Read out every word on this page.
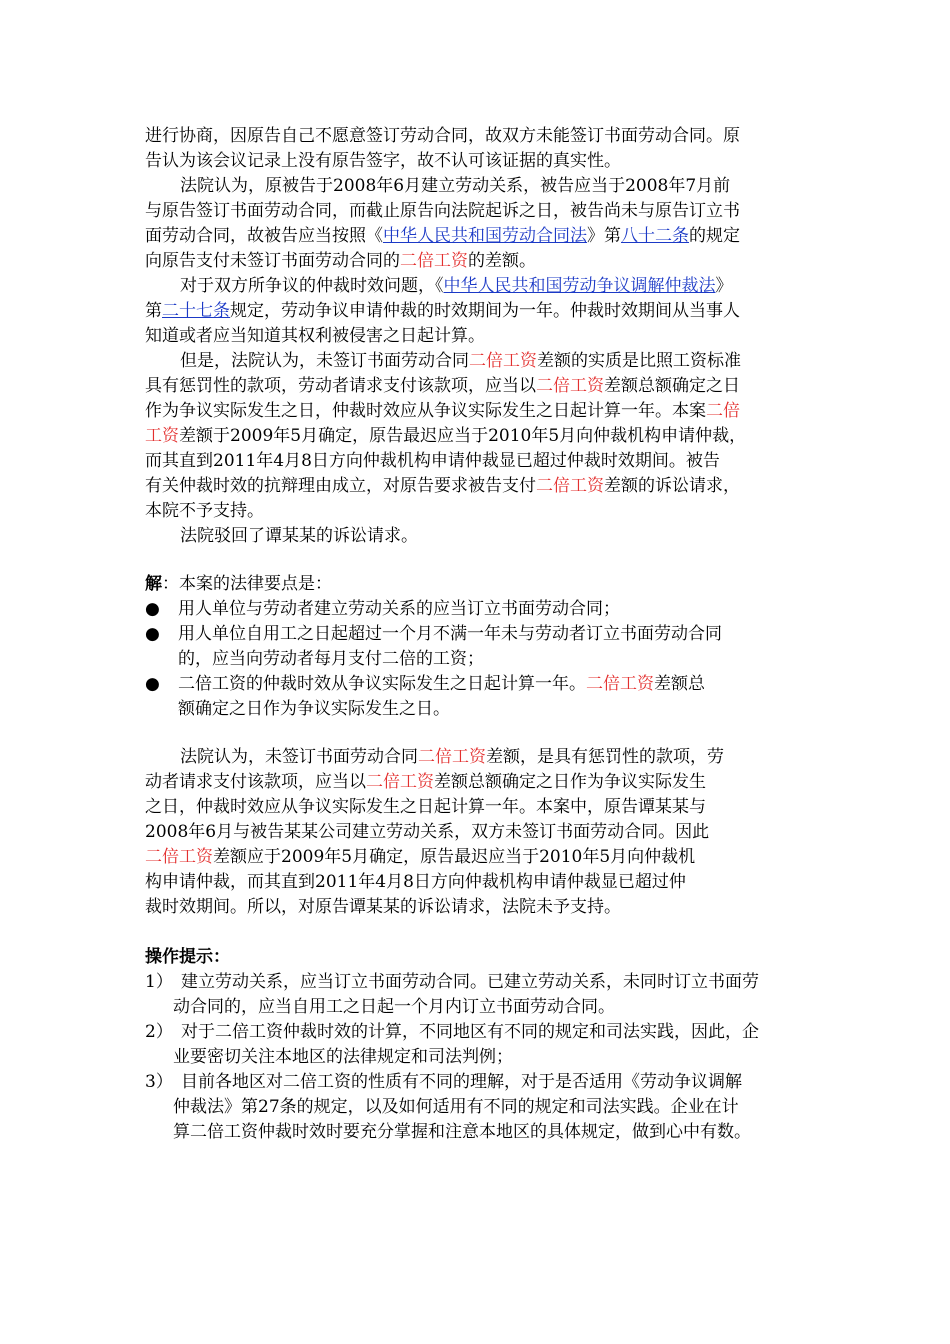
进行协商，因原告自己不愿意签订劳动合同，故双方未能签订书面劳动合同。原
告认为该会议记录上没有原告签字，故不认可该证据的真实性。
法院认为，原被告于2008年6月建立劳动关系，被告应当于2008年7月前
与原告签订书面劳动合同，而截止原告向法院起诉之日，被告尚未与原告订立书
面劳动合同，故被告应当按照《中华人民共和国劳动合同法》第八十二条的规定
向原告支付未签订书面劳动合同的二倍工资的差额。
对于双方所争议的仲裁时效问题，《中华人民共和国劳动争议调解仲裁法》
第二十七条规定，劳动争议申请仲裁的时效期间为一年。仲裁时效期间从当事人
知道或者应当知道其权利被侵害之日起计算。
但是，法院认为，未签订书面劳动合同二倍工资差额的实质是比照工资标准
具有惩罚性的款项，劳动者请求支付该款项，应当以二倍工资差额总额确定之日
作为争议实际发生之日，仲裁时效应从争议实际发生之日起计算一年。本案二倍
工资差额于2009年5月确定，原告最迟应当于2010年5月向仲裁机构申请仲裁，
而其直到2011年4月8日方向仲裁机构申请仲裁显已超过仲裁时效期间。被告
有关仲裁时效的抗辩理由成立，对原告要求被告支付二倍工资差额的诉讼请求，
本院不予支持。
法院驳回了谭某某的诉讼请求。
解：本案的法律要点是：
●	用人单位与劳动者建立劳动关系的应当订立书面劳动合同；
●	用人单位自用工之日起超过一个月不满一年未与劳动者订立书面劳动合同
的，应当向劳动者每月支付二倍的工资；
●	二倍工资的仲裁时效从争议实际发生之日起计算一年。二倍工资差额总
额确定之日作为争议实际发生之日。
法院认为，未签订书面劳动合同二倍工资差额，是具有惩罚性的款项，劳
动者请求支付该款项，应当以二倍工资差额总额确定之日作为争议实际发生
之日，仲裁时效应从争议实际发生之日起计算一年。本案中，原告谭某某与
2008年6月与被告某某公司建立劳动关系，双方未签订书面劳动合同。因此
二倍工资差额应于2009年5月确定，原告最迟应当于2010年5月向仲裁机
构申请仲裁，而其直到2011年4月8日方向仲裁机构申请仲裁显已超过仲
裁时效期间。所以，对原告谭某某的诉讼请求，法院未予支持。
操作提示：
1） 建立劳动关系，应当订立书面劳动合同。已建立劳动关系，未同时订立书面劳
动合同的，应当自用工之日起一个月内订立书面劳动合同。
2） 对于二倍工资仲裁时效的计算，不同地区有不同的规定和司法实践，因此，企
业要密切关注本地区的法律规定和司法判例；
3） 目前各地区对二倍工资的性质有不同的理解，对于是否适用《劳动争议调解
仲裁法》第27条的规定，以及如何适用有不同的规定和司法实践。企业在计
算二倍工资仲裁时效时要充分掌握和注意本地区的具体规定，做到心中有数。
